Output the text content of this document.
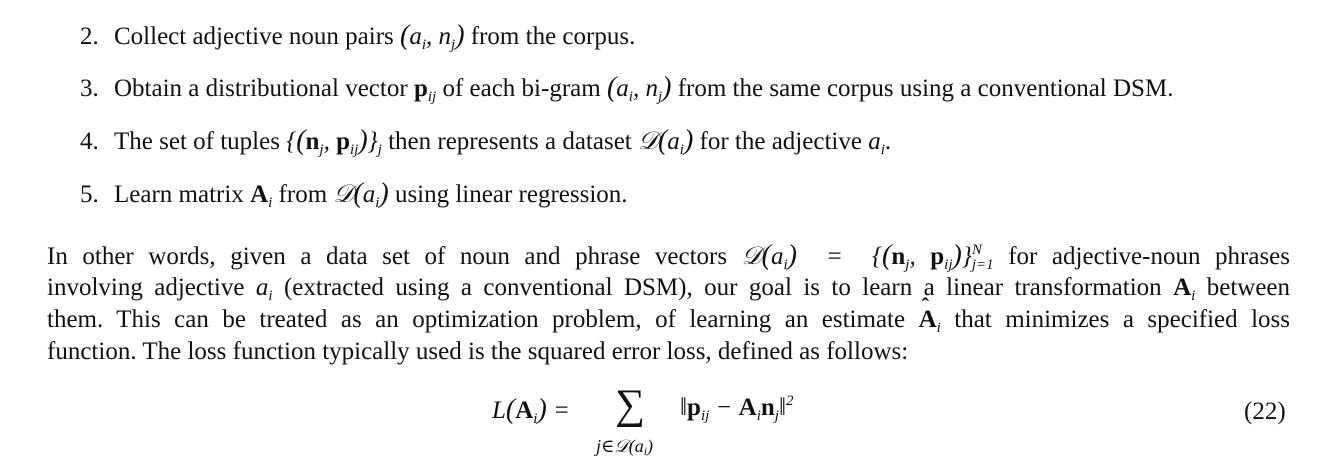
2. Collect adjective noun pairs ($a_i$, $n_j$) from the corpus.
3. Obtain a distributional vector $p_{ij}$ of each bi-gram ($a_i$, $n_j$) from the same corpus using a conventional DSM.
4. The set of tuples {($n_j$, $p_{ij})\}_j$ then represents a dataset $𝒟(a_i)$ for the adjective $a_i$.
5. Learn matrix $A_i$ from $𝒟(a_i)$ using linear regression.
In other words, given a data set of noun and phrase vectors $𝒟(a_i) = \{(n_j$, $p_{ij})\}^N_{j=1}$ for adjective-noun phrases
involving adjective $a_i$ (extracted using a conventional DSM), our goal is to learn a linear transformation $A_i$ between
them. This can be treated as an optimization problem, of learning an estimate ˆ $A_i$ that minimizes a specified loss
function. The loss function typically used is the squared error loss, defined as follows:
$L(A_i)$ = ∑
$j\in 𝒟(a_i)$
$‖p_{ij}$ − $A_in_j‖^2$	(22)
